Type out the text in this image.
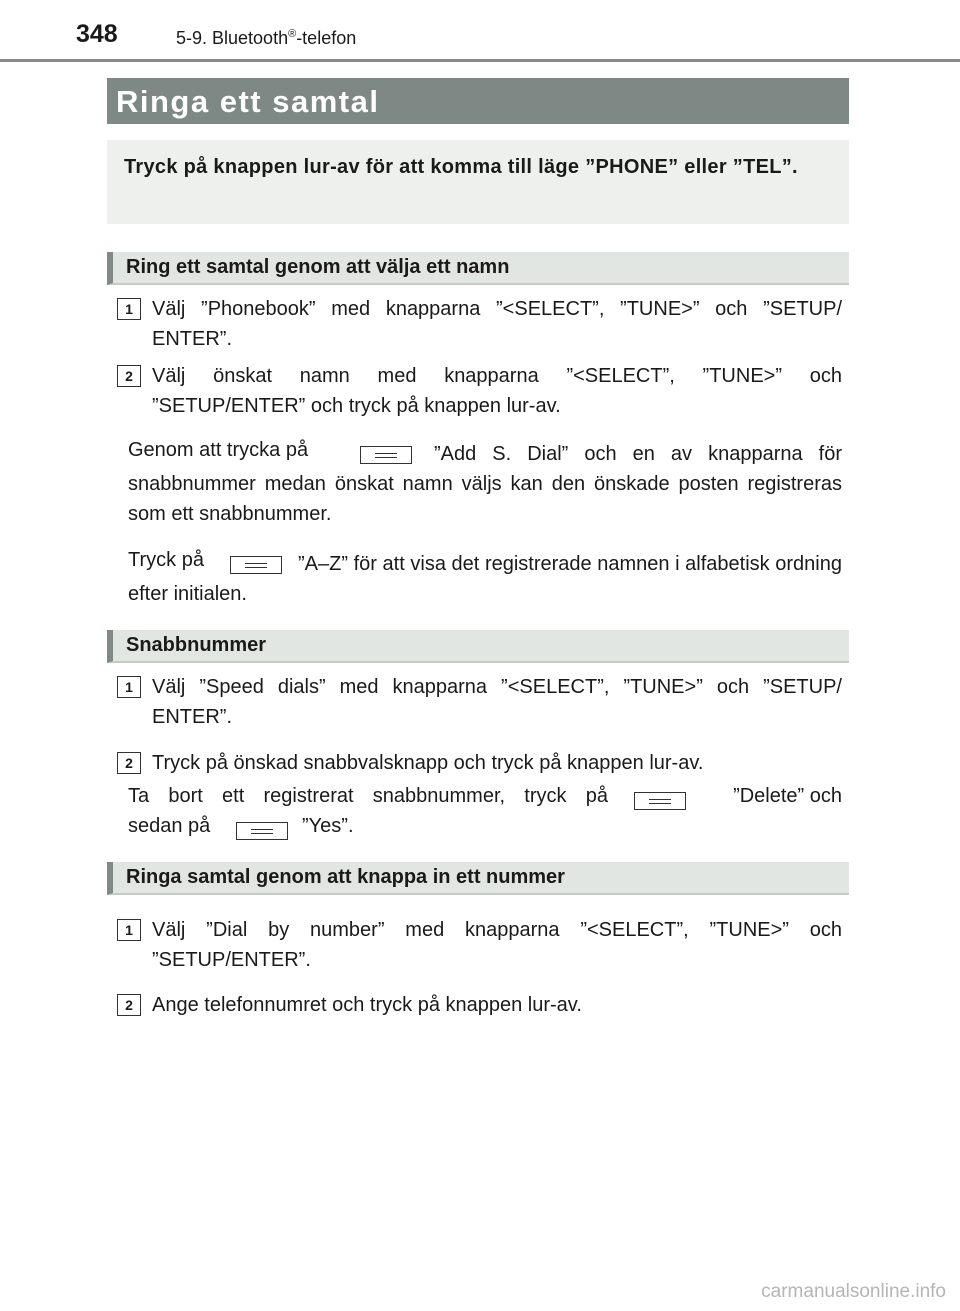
348	5-9. Bluetooth®-telefon
Ringa ett samtal

Tryck på knappen lur-av för att komma till läge ”PHONE” eller ”TEL”.

Ring ett samtal genom att välja ett namn
1 Välj ”Phonebook” med knapparna ”<SELECT”, ”TUNE>” och ”SETUP/ ENTER”.

2 Välj önskat namn med knapparna ”<SELECT”, ”TUNE>” och ”SETUP/ENTER” och tryck på knappen lur-av.

Genom att trycka på	”Add S. Dial” och en av knapparna för snabbnummer medan önskat namn väljs kan den önskade posten registreras som ett snabbnummer.

Tryck på	”A–Z” för att visa det registrerade namnen i alfabetisk ordning efter initialen.

Snabbnummer
1 Välj ”Speed dials” med knapparna ”<SELECT”, ”TUNE>” och ”SETUP/ ENTER”.

2 Tryck på önskad snabbvalsknapp och tryck på knappen lur-av.

Ta bort ett registrerat snabbnummer, tryck på	”Delete” och
sedan på	”Yes”.
Ringa samtal genom att knappa in ett nummer
1 Välj ”Dial by number” med knapparna ”<SELECT”, ”TUNE>” och ”SETUP/ENTER”.

2 Ange telefonnumret och tryck på knappen lur-av.

carmanualsonline.info
